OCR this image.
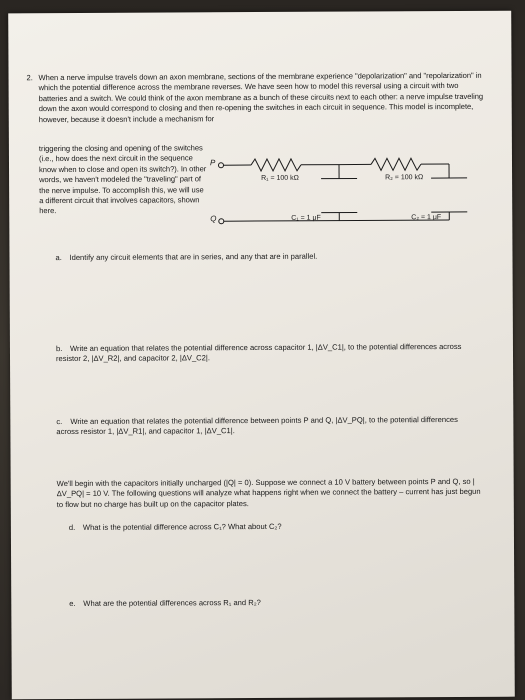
2. When a nerve impulse travels down an axon membrane, sections of the membrane experience "depolarization" and "repolarization" in which the potential difference across the membrane reverses. We have seen how to model this reversal using a circuit with two batteries and a switch. We could think of the axon membrane as a bunch of these circuits next to each other: a nerve impulse traveling down the axon would correspond to closing and then re-opening the switches in each circuit in sequence. This model is incomplete, however, because it doesn't include a mechanism for
triggering the closing and opening of the switches (i.e., how does the next circuit in the sequence know when to close and open its switch?). In other words, we haven't modeled the "traveling" part of the nerve impulse. To accomplish this, we will use a different circuit that involves capacitors, shown here.
P
Q
R₁ = 100 kΩ	R₂ = 100 kΩ
C₁ = 1 μF	C₂ = 1 μF
a. Identify any circuit elements that are in series, and any that are in parallel.
b. Write an equation that relates the potential difference across capacitor 1, |ΔV_C1|, to the potential differences across resistor 2, |ΔV_R2|, and capacitor 2, |ΔV_C2|.
c. Write an equation that relates the potential difference between points P and Q, |ΔV_PQ|, to the potential differences across resistor 1, |ΔV_R1|, and capacitor 1, |ΔV_C1|.
We'll begin with the capacitors initially uncharged (|Q| = 0). Suppose we connect a 10 V battery between points P and Q, so |ΔV_PQ| = 10 V. The following questions will analyze what happens right when we connect the battery – current has just begun to flow but no charge has built up on the capacitor plates.
d. What is the potential difference across C₁? What about C₂?
e. What are the potential differences across R₁ and R₂?
